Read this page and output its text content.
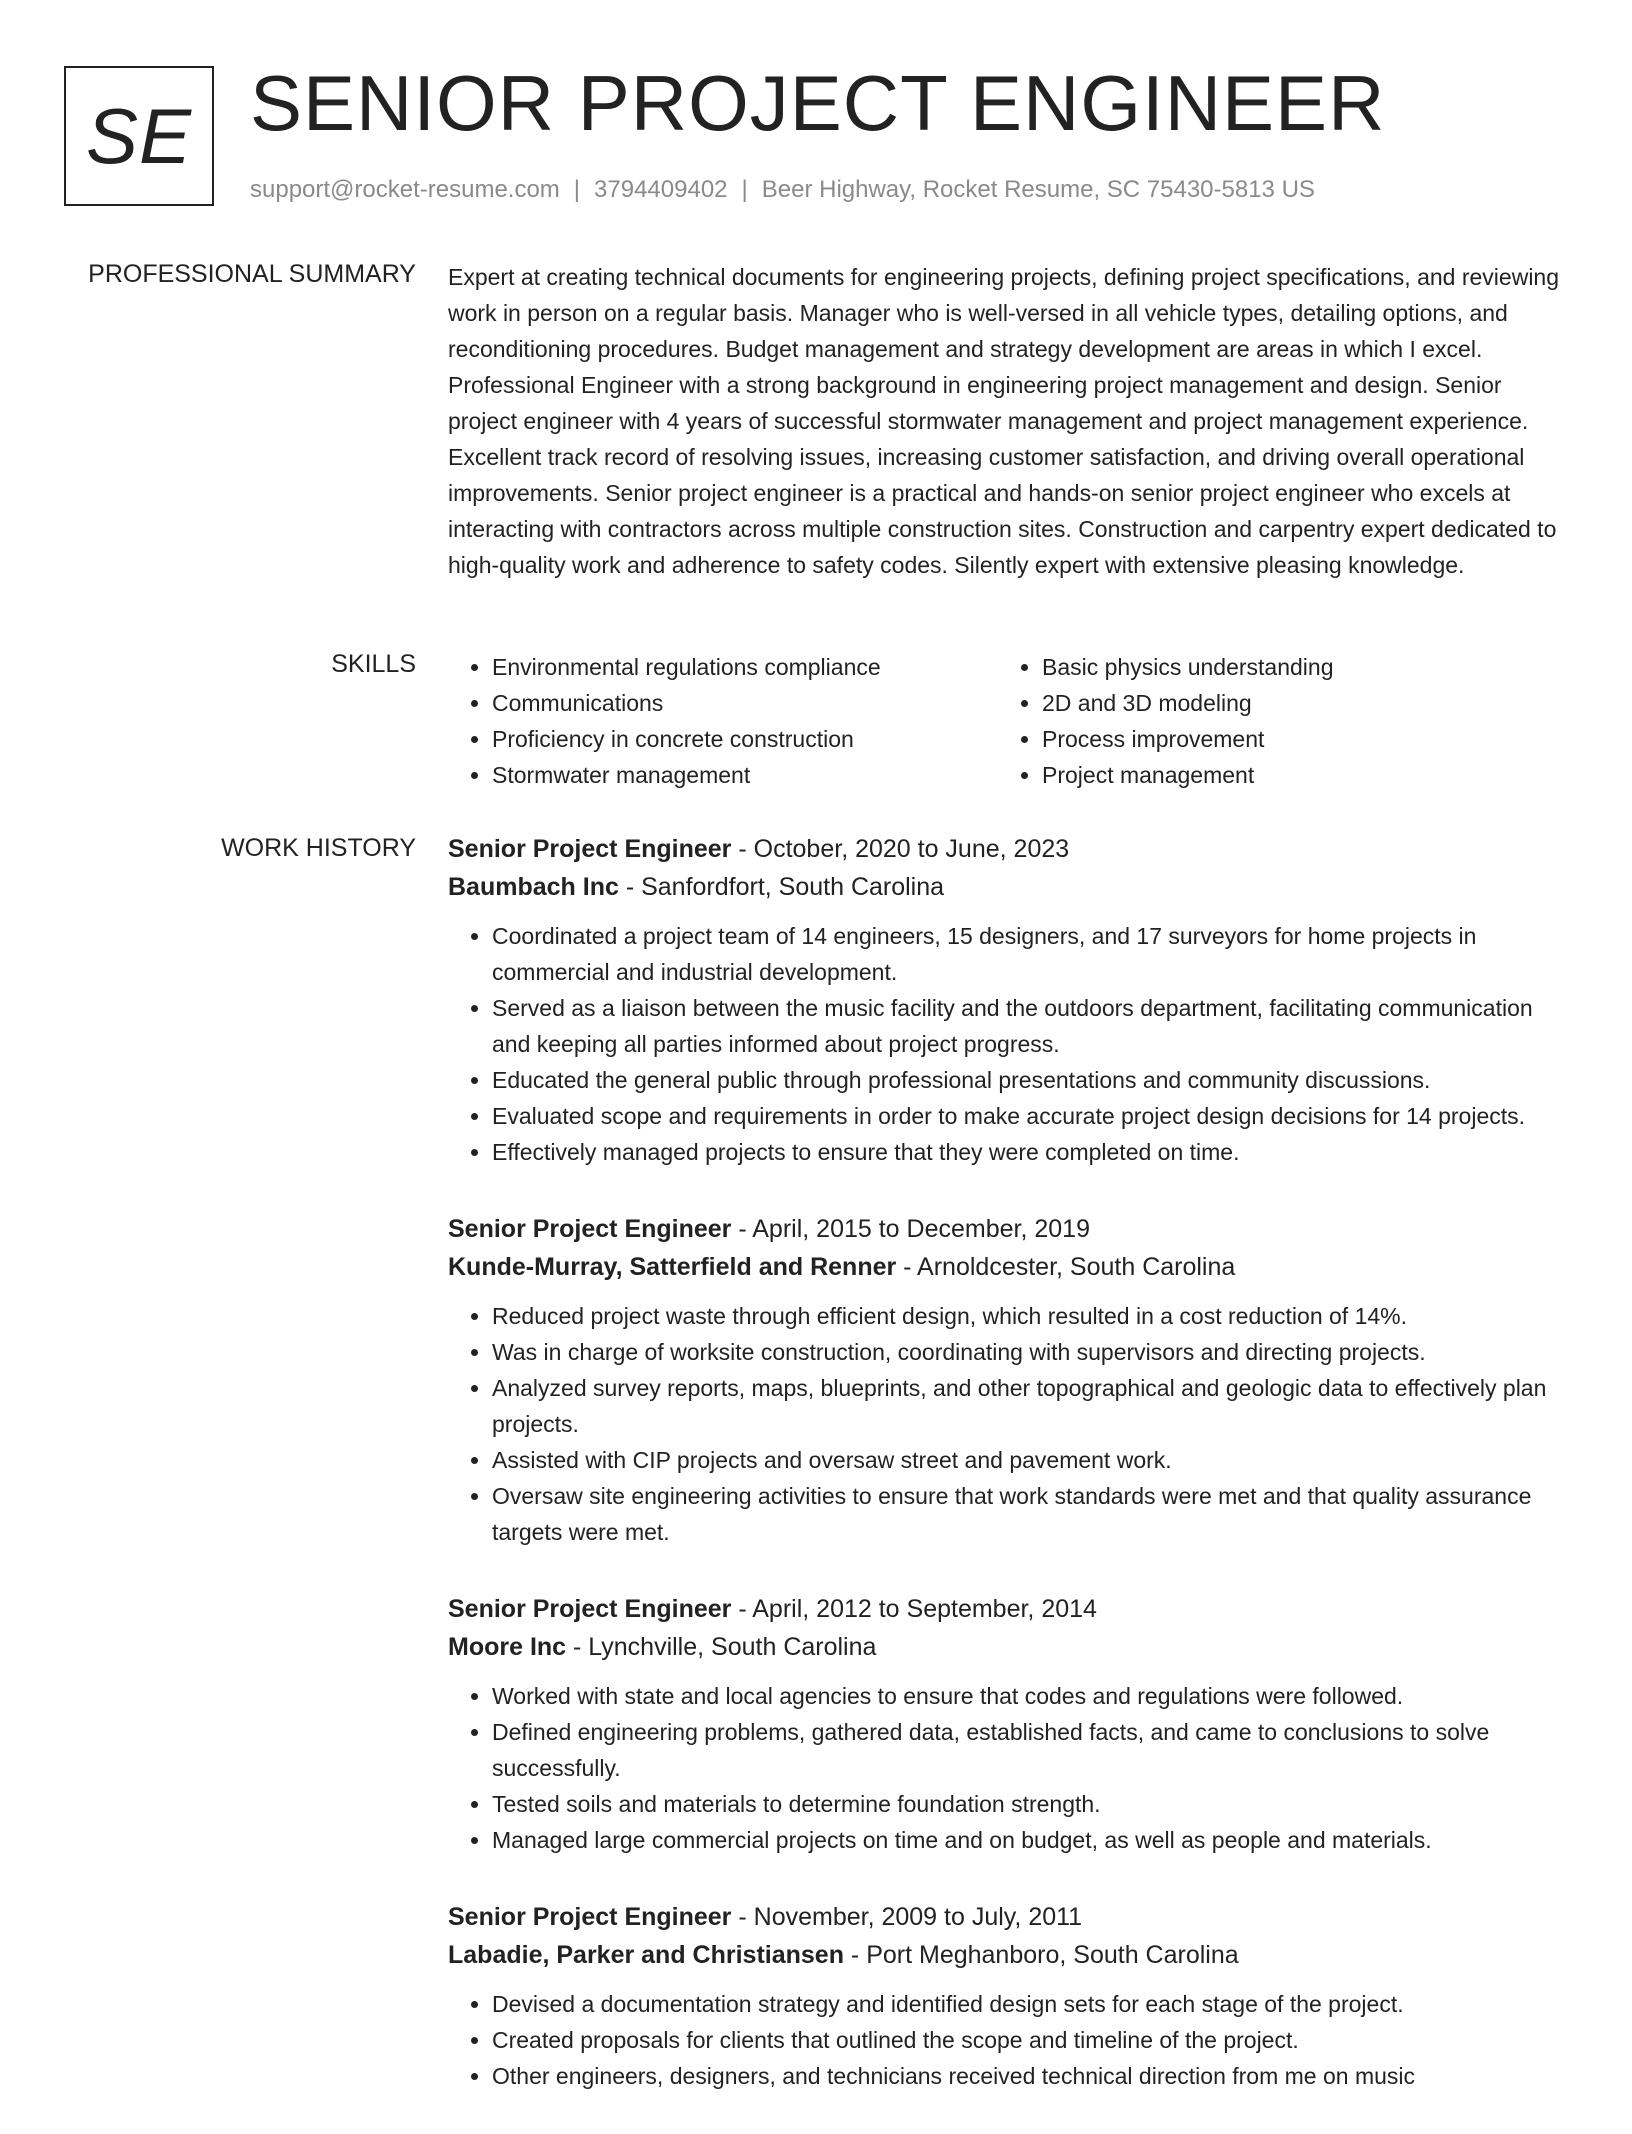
SE SENIOR PROJECT ENGINEER
support@rocket-resume.com | 3794409402 | Beer Highway, Rocket Resume, SC 75430-5813 US
PROFESSIONAL SUMMARY Expert at creating technical documents for engineering projects, defining project specifications, and reviewing work in person on a regular basis. Manager who is well-versed in all vehicle types, detailing options, and reconditioning procedures. Budget management and strategy development are areas in which I excel. Professional Engineer with a strong background in engineering project management and design. Senior project engineer with 4 years of successful stormwater management and project management experience. Excellent track record of resolving issues, increasing customer satisfaction, and driving overall operational improvements. Senior project engineer is a practical and hands-on senior project engineer who excels at interacting with contractors across multiple construction sites. Construction and carpentry expert dedicated to high-quality work and adherence to safety codes. Silently expert with extensive pleasing knowledge.

SKILLS
•	Environmental regulations compliance
• Communications
• Proficiency in concrete construction
• Stormwater management
• Basic physics understanding
• 2D and 3D modeling
• Process improvement
• Project management
WORK HISTORY Senior Project Engineer - October, 2020 to June, 2023
Baumbach Inc - Sanfordfort, South Carolina
• Coordinated a project team of 14 engineers, 15 designers, and 17 surveyors for home projects in commercial and industrial development.
• Served as a liaison between the music facility and the outdoors department, facilitating communication and keeping all parties informed about project progress.
• Educated the general public through professional presentations and community discussions.
• Evaluated scope and requirements in order to make accurate project design decisions for 14 projects.
• Effectively managed projects to ensure that they were completed on time.
Senior Project Engineer - April, 2015 to December, 2019
Kunde-Murray, Satterfield and Renner - Arnoldcester, South Carolina
• Reduced project waste through efficient design, which resulted in a cost reduction of 14%.
• Was in charge of worksite construction, coordinating with supervisors and directing projects.
• Analyzed survey reports, maps, blueprints, and other topographical and geologic data to effectively plan projects.
• Assisted with CIP projects and oversaw street and pavement work.
• Oversaw site engineering activities to ensure that work standards were met and that quality assurance targets were met.
Senior Project Engineer - April, 2012 to September, 2014
Moore Inc - Lynchville, South Carolina
• Worked with state and local agencies to ensure that codes and regulations were followed.
• Defined engineering problems, gathered data, established facts, and came to conclusions to solve successfully.
• Tested soils and materials to determine foundation strength.
• Managed large commercial projects on time and on budget, as well as people and materials.
Senior Project Engineer - November, 2009 to July, 2011
Labadie, Parker and Christiansen - Port Meghanboro, South Carolina
• Devised a documentation strategy and identified design sets for each stage of the project.
• Created proposals for clients that outlined the scope and timeline of the project.
• Other engineers, designers, and technicians received technical direction from me on music
